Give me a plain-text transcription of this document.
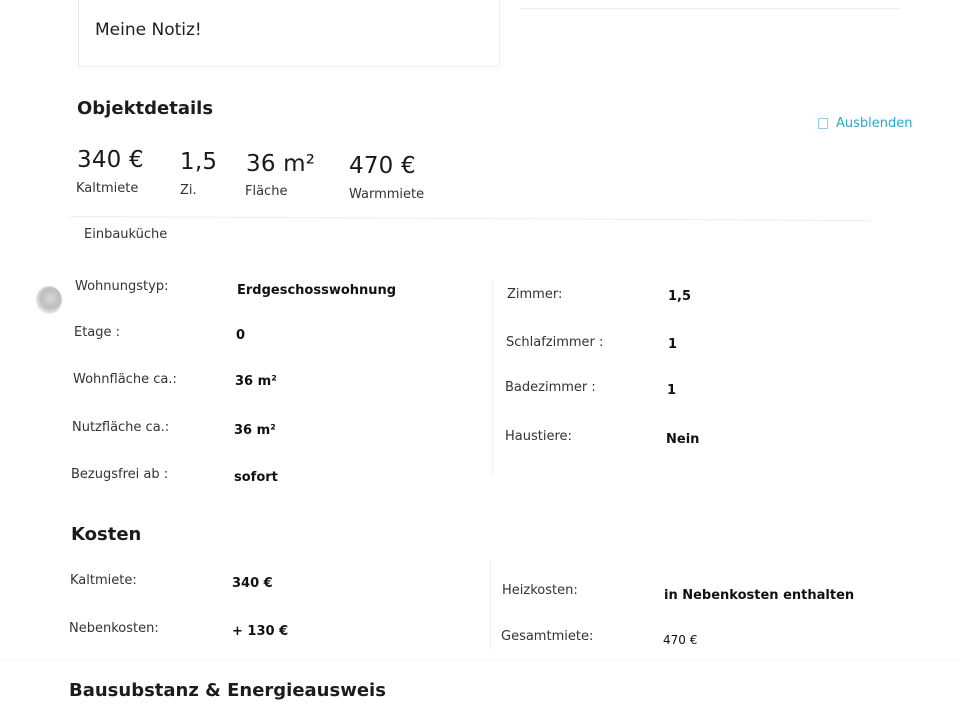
Meine Notiz!
Objektdetails
Ausblenden
340 €
Kaltmiete
1,5
Zi.
36 m²
Fläche
470 €
Warmmiete
Einbauküche
Wohnungstyp:	Erdgeschosswohnung
Etage :	0
Wohnfläche ca.:	36 m²
Nutzfläche ca.:	36 m²
Bezugsfrei ab :	sofort
Zimmer:	1,5
Schlafzimmer :	1
Badezimmer :	1
Haustiere:	Nein
Kosten
Kaltmiete:	340 €
Nebenkosten:	+ 130 €
Heizkosten:	in Nebenkosten enthalten
Gesamtmiete:	470 €
Bausubstanz & Energieausweis
